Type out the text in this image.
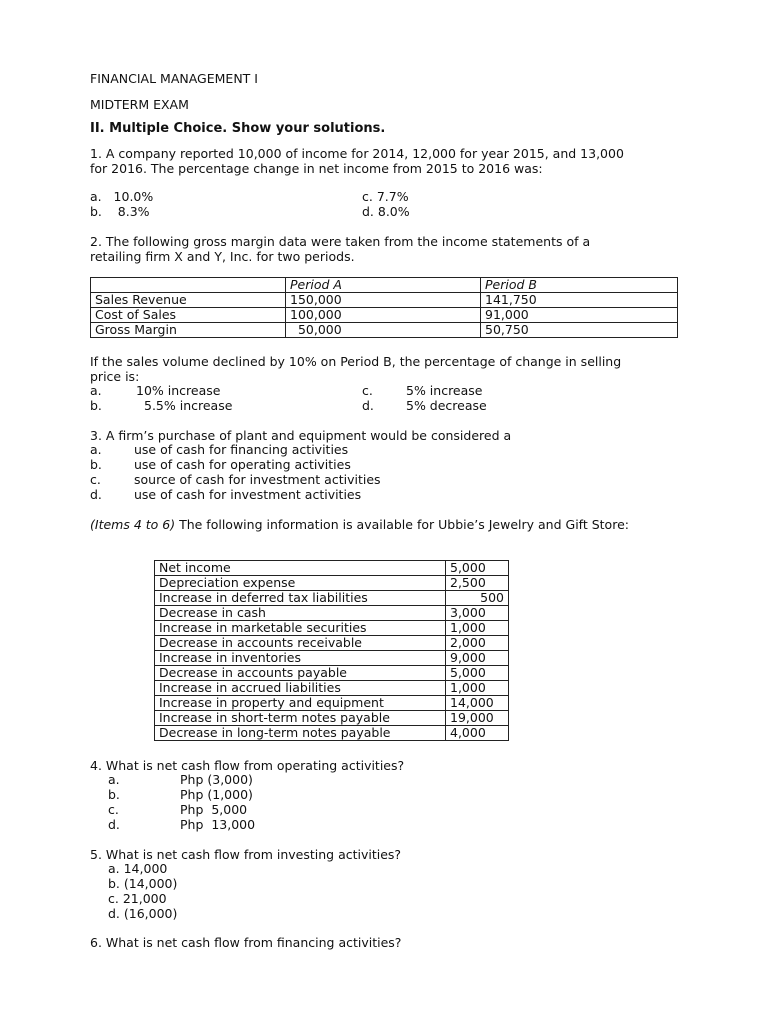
FINANCIAL MANAGEMENT I
MIDTERM EXAM
II. Multiple Choice. Show your solutions.
1. A company reported 10,000 of income for 2014, 12,000 for year 2015, and 13,000
for 2016. The percentage change in net income from 2015 to 2016 was:
a.   10.0%
b.    8.3%
c. 7.7%
d. 8.0%
2. The following gross margin data were taken from the income statements of a
retailing firm X and Y, Inc. for two periods.
	Period A	Period B
Sales Revenue	150,000	141,750
Cost of Sales	100,000	91,000
Gross Margin	50,000	50,750
If the sales volume declined by 10% on Period B, the percentage of change in selling
price is:
a.	10% increase
b.	5.5% increase
c.	5% increase
d.	5% decrease
3. A firm’s purchase of plant and equipment would be considered a
a.	use of cash for financing activities
b.	use of cash for operating activities
c.	source of cash for investment activities
d.	use of cash for investment activities
(Items 4 to 6) The following information is available for Ubbie’s Jewelry and Gift Store:
Net income	5,000
Depreciation expense	2,500
Increase in deferred tax liabilities	500
Decrease in cash	3,000
Increase in marketable securities	1,000
Decrease in accounts receivable	2,000
Increase in inventories	9,000
Decrease in accounts payable	5,000
Increase in accrued liabilities	1,000
Increase in property and equipment	14,000
Increase in short-term notes payable	19,000
Decrease in long-term notes payable	4,000
4. What is net cash flow from operating activities?
a.	Php (3,000)
b.	Php (1,000)
c.	Php  5,000
d.	Php  13,000
5. What is net cash flow from investing activities?
a. 14,000
b. (14,000)
c. 21,000
d. (16,000)
6. What is net cash flow from financing activities?
